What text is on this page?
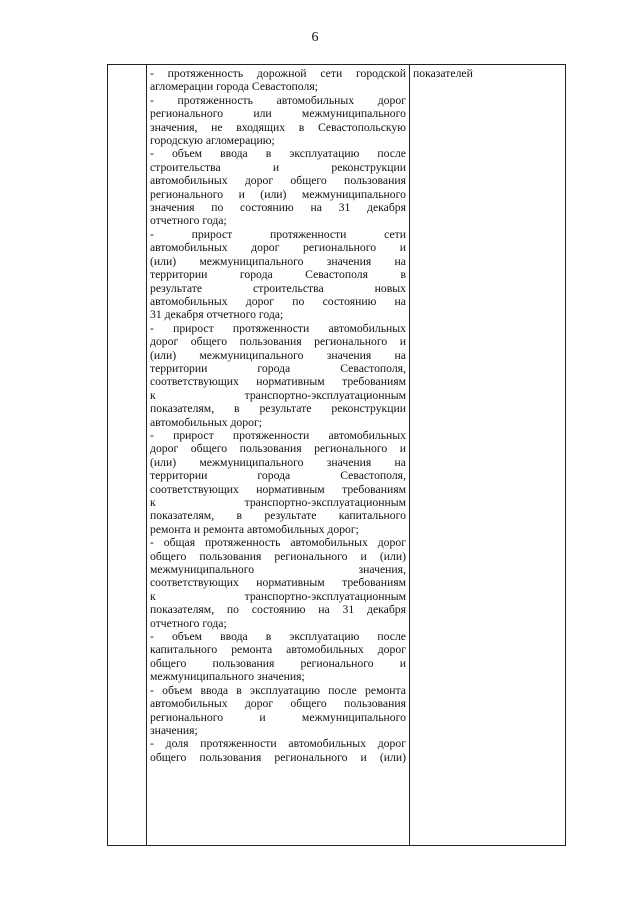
6
- протяженность дорожной сети городской
агломерации города Севастополя;
- протяженность автомобильных дорог
регионального или межмуниципального
значения, не входящих в Севастопольскую
городскую агломерацию;
- объем ввода в эксплуатацию после
строительства и реконструкции
автомобильных дорог общего пользования
регионального и (или) межмуниципального
значения по состоянию на 31 декабря
отчетного года;
- прирост протяженности сети
автомобильных дорог регионального и
(или) межмуниципального значения на
территории города Севастополя в
результате строительства новых
автомобильных дорог по состоянию на
31 декабря отчетного года;
- прирост протяженности автомобильных
дорог общего пользования регионального и
(или) межмуниципального значения на
территории города Севастополя,
соответствующих нормативным требованиям
к транспортно-эксплуатационным
показателям, в результате реконструкции
автомобильных дорог;
- прирост протяженности автомобильных
дорог общего пользования регионального и
(или) межмуниципального значения на
территории города Севастополя,
соответствующих нормативным требованиям
к транспортно-эксплуатационным
показателям, в результате капитального
ремонта и ремонта автомобильных дорог;
- общая протяженность автомобильных дорог
общего пользования регионального и (или)
межмуниципального значения,
соответствующих нормативным требованиям
к транспортно-эксплуатационным
показателям, по состоянию на 31 декабря
отчетного года;
- объем ввода в эксплуатацию после
капитального ремонта автомобильных дорог
общего пользования регионального и
межмуниципального значения;
- объем ввода в эксплуатацию после ремонта
автомобильных дорог общего пользования
регионального и межмуниципального
значения;
- доля протяженности автомобильных дорог
общего пользования регионального и (или)
показателей
